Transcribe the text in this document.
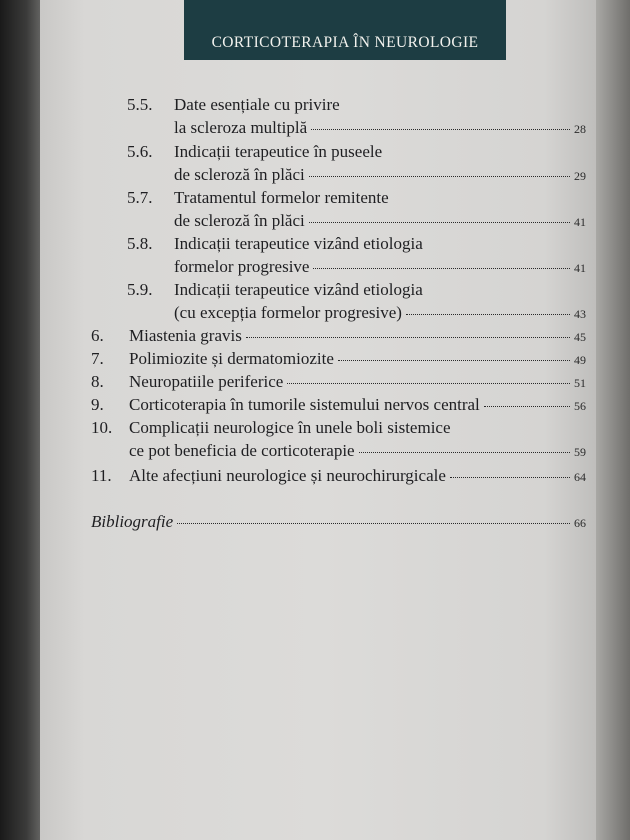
CORTICOTERAPIA ÎN NEUROLOGIE
5.5. Date esențiale cu privire
la scleroza multiplă	28
5.6. Indicații terapeutice în puseele
de scleroză în plăci	29
5.7. Tratamentul formelor remitente
de scleroză în plăci	41
5.8. Indicații terapeutice vizând etiologia
formelor progresive	41
5.9. Indicații terapeutice vizând etiologia
(cu excepția formelor progresive)	43
6. Miastenia gravis	45
7. Polimiozite și dermatomiozite	49
8. Neuropatiile periferice	51
9. Corticoterapia în tumorile sistemului nervos central	56
10. Complicații neurologice în unele boli sistemice
ce pot beneficia de corticoterapie	59
11. Alte afecțiuni neurologice și neurochirurgicale	64
Bibliografie	66
